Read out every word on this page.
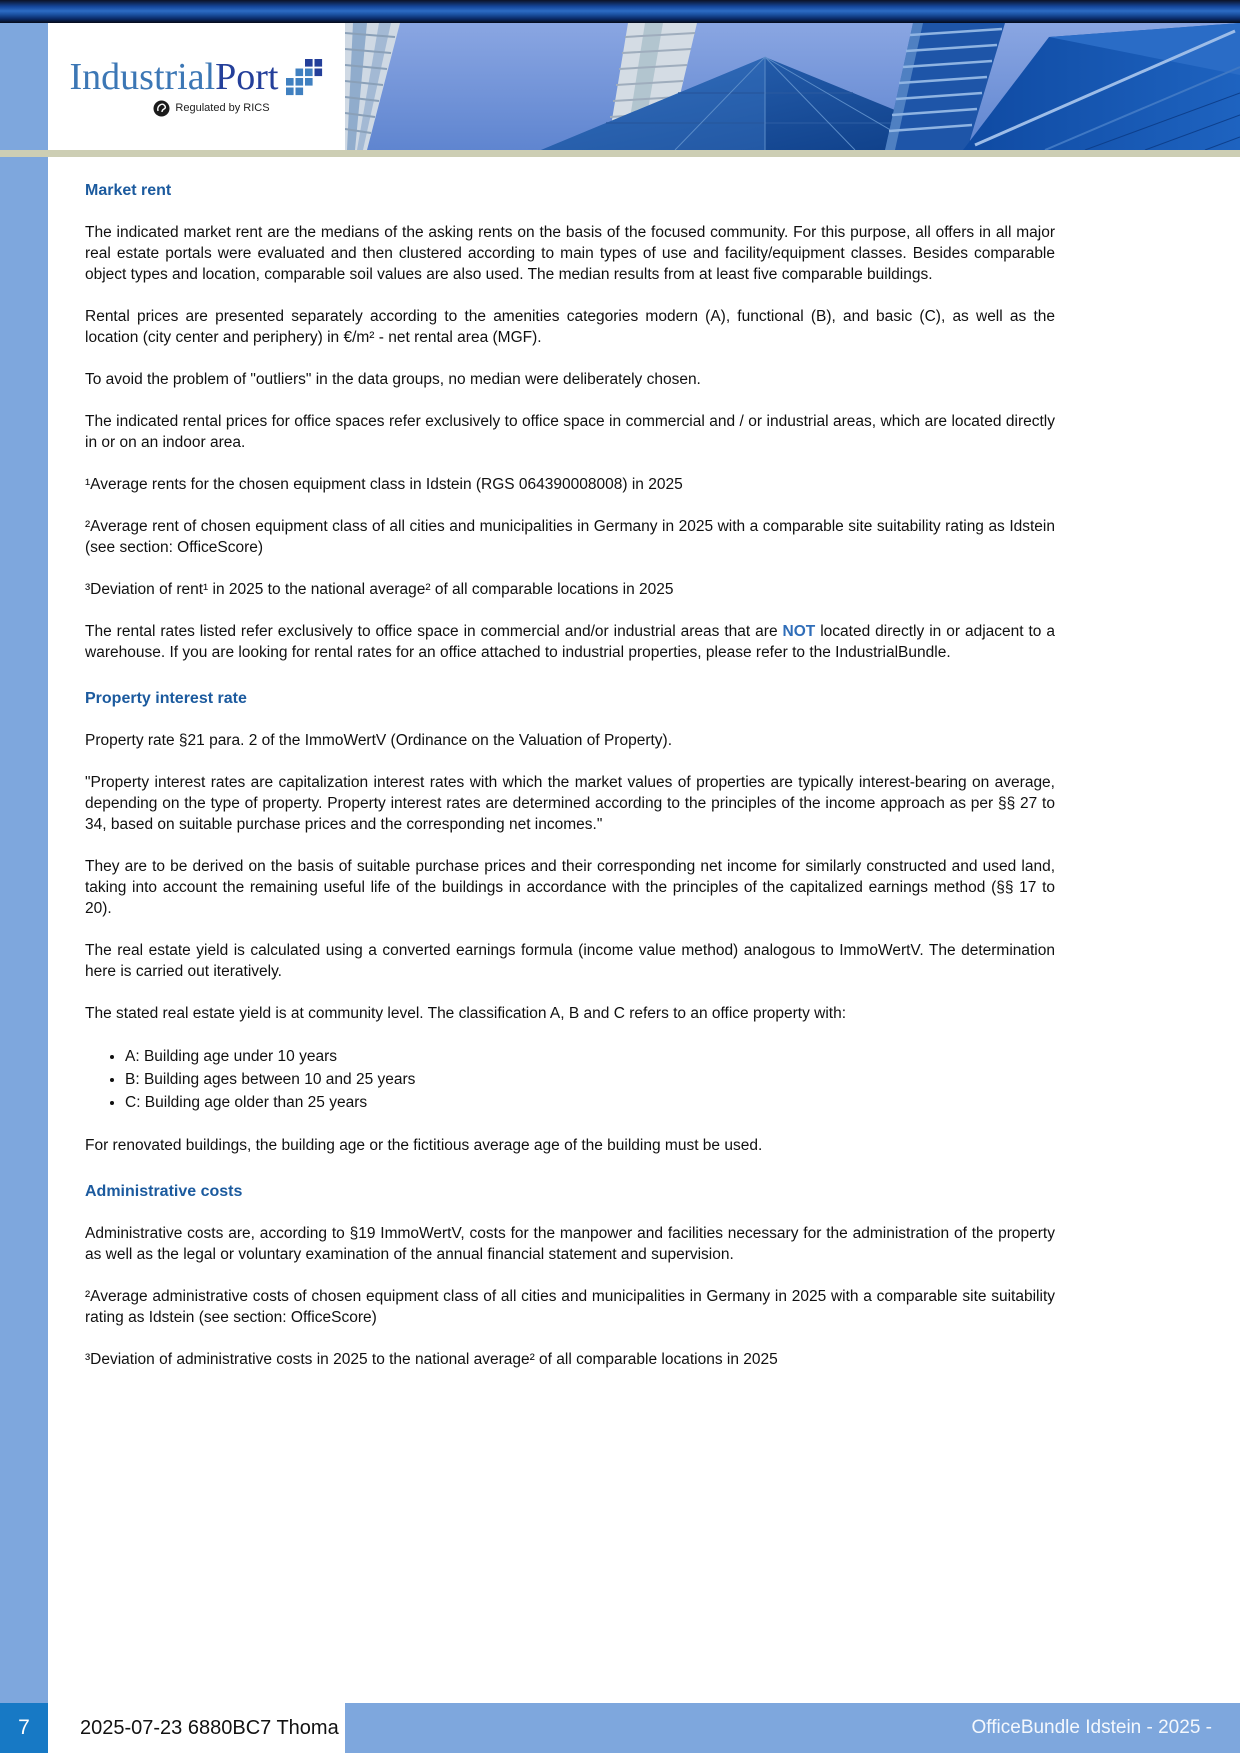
IndustrialPort
Regulated by RICS
Market rent

The indicated market rent are the medians of the asking rents on the basis of the focused community. For this purpose, all offers in all major real estate portals were evaluated and then clustered according to main types of use and facility/equipment classes. Besides comparable object types and location, comparable soil values are also used. The median results from at least five comparable buildings.

Rental prices are presented separately according to the amenities categories modern (A), functional (B), and basic (C), as well as the location (city center and periphery) in €/m² - net rental area (MGF).

To avoid the problem of "outliers" in the data groups, no median were deliberately chosen.

The indicated rental prices for office spaces refer exclusively to office space in commercial and / or industrial areas, which are located directly in or on an indoor area.

¹Average rents for the chosen equipment class in Idstein (RGS 064390008008) in 2025

²Average rent of chosen equipment class of all cities and municipalities in Germany in 2025 with a comparable site suitability rating as Idstein (see section: OfficeScore)

³Deviation of rent¹ in 2025 to the national average² of all comparable locations in 2025

The rental rates listed refer exclusively to office space in commercial and/or industrial areas that are NOT located directly in or adjacent to a warehouse. If you are looking for rental rates for an office attached to industrial properties, please refer to the IndustrialBundle.

Property interest rate

Property rate §21 para. 2 of the ImmoWertV (Ordinance on the Valuation of Property).

"Property interest rates are capitalization interest rates with which the market values of properties are typically interest-bearing on average, depending on the type of property. Property interest rates are determined according to the principles of the income approach as per §§ 27 to 34, based on suitable purchase prices and the corresponding net incomes."

They are to be derived on the basis of suitable purchase prices and their corresponding net income for similarly constructed and used land, taking into account the remaining useful life of the buildings in accordance with the principles of the capitalized earnings method (§§ 17 to 20).

The real estate yield is calculated using a converted earnings formula (income value method) analogous to ImmoWertV. The determination here is carried out iteratively.

The stated real estate yield is at community level. The classification A, B and C refers to an office property with:

• A: Building age under 10 years
• B: Building ages between 10 and 25 years
• C: Building age older than 25 years

For renovated buildings, the building age or the fictitious average age of the building must be used.

Administrative costs

Administrative costs are, according to §19 ImmoWertV, costs for the manpower and facilities necessary for the administration of the property as well as the legal or voluntary examination of the annual financial statement and supervision.

²Average administrative costs of chosen equipment class of all cities and municipalities in Germany in 2025 with a comparable site suitability rating as Idstein (see section: OfficeScore)

³Deviation of administrative costs in 2025 to the national average² of all comparable locations in 2025

7	2025-07-23 6880BC7 Thoma	OfficeBundle Idstein - 2025 -
